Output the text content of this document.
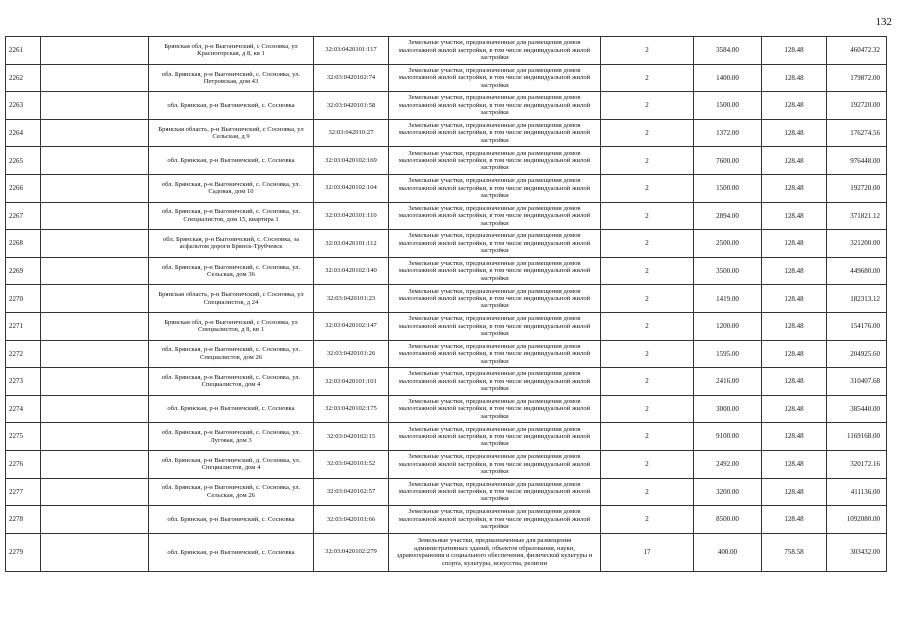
132
2261		Брянская обл, р-н Выгоничский, с Сосновка, ул Красногорская, д 8, кв 1	32:03:0420101:117	Земельные участки, предназначенные для размещения домов малоэтажной жилой застройки, в том числе индивидуальной жилой застройки	2	3584.00	128.48	460472.32
2262		обл. Брянская, р-н Выгоничский, с. Сосновка, ул. Петровская, дом 43	32:03:0420102:74	Земельные участки, предназначенные для размещения домов малоэтажной жилой застройки, в том числе индивидуальной жилой застройки	2	1400.00	128.48	179872.00
2263		обл. Брянская, р-н Выгоничский, с. Сосновка	32:03:0420101:58	Земельные участки, предназначенные для размещения домов малоэтажной жилой застройки, в том числе индивидуальной жилой застройки	2	1500.00	128.48	192720.00
2264		Брянская область, р-н Выгоничский, с Сосновка, ул Сельская, д 9	32:03:042010:27	Земельные участки, предназначенные для размещения домов малоэтажной жилой застройки, в том числе индивидуальной жилой застройки	2	1372.00	128.48	176274.56
2265		обл. Брянская, р-н Выгоничский, с. Сосновка	32:03:0420102:169	Земельные участки, предназначенные для размещения домов малоэтажной жилой застройки, в том числе индивидуальной жилой застройки	2	7600.00	128.48	976448.00
2266		обл. Брянская, р-н Выгоничский, с. Сосновка, ул. Садовая, дом 10	32:03:0420102:104	Земельные участки, предназначенные для размещения домов малоэтажной жилой застройки, в том числе индивидуальной жилой застройки	2	1500.00	128.48	192720.00
2267		обл. Брянская, р-н Выгоничский, с. Сосновка, ул. Специалистов, дом 15, квартира 1	32:03:0420101:110	Земельные участки, предназначенные для размещения домов малоэтажной жилой застройки, в том числе индивидуальной жилой застройки	2	2894.00	128.48	371821.12
2268		обл. Брянская, р-н Выгоничский, с. Сосновка, за асфальтом дороги Брянск-Трубчевск	32:03:0420101:112	Земельные участки, предназначенные для размещения домов малоэтажной жилой застройки, в том числе индивидуальной жилой застройки	2	2500.00	128.48	321200.00
2269		обл. Брянская, р-н Выгоничский, с. Сосновка, ул. Сельская, дом 36	32:03:0420102:140	Земельные участки, предназначенные для размещения домов малоэтажной жилой застройки, в том числе индивидуальной жилой застройки	2	3500.00	128.48	449680.00
2270		Брянская область, р-н Выгоничский, с Сосновка, ул Специалистов, д 24	32:03:0420101:23	Земельные участки, предназначенные для размещения домов малоэтажной жилой застройки, в том числе индивидуальной жилой застройки	2	1419.00	128.48	182313.12
2271		Брянская обл, р-н Выгоничский, с Сосновка, ул Специалистов, д 8, кв 1	32:03:0420102:147	Земельные участки, предназначенные для размещения домов малоэтажной жилой застройки, в том числе индивидуальной жилой застройки	2	1200.00	128.48	154176.00
2272		обл. Брянская, р-н Выгоничский, с. Сосновка, ул. Специалистов, дом 26	32:03:0420101:26	Земельные участки, предназначенные для размещения домов малоэтажной жилой застройки, в том числе индивидуальной жилой застройки	2	1595.00	128.48	204925.60
2273		обл. Брянская, р-н Выгоничский, с. Сосновка, ул. Специалистов, дом 4	32:03:0420101:101	Земельные участки, предназначенные для размещения домов малоэтажной жилой застройки, в том числе индивидуальной жилой застройки	2	2416.00	128.48	310407.68
2274		обл. Брянская, р-н Выгоничский, с. Сосновка	32:03:0420102:175	Земельные участки, предназначенные для размещения домов малоэтажной жилой застройки, в том числе индивидуальной жилой застройки	2	3000.00	128.48	385440.00
2275		обл. Брянская, р-н Выгоничский, с. Сосновка, ул. Луговая, дом 3	32:03:0420102:15	Земельные участки, предназначенные для размещения домов малоэтажной жилой застройки, в том числе индивидуальной жилой застройки	2	9100.00	128.48	1169168.00
2276		обл. Брянская, р-н Выгоничский, д. Сосновка, ул. Специалистов, дом 4	32:03:0420101:52	Земельные участки, предназначенные для размещения домов малоэтажной жилой застройки, в том числе индивидуальной жилой застройки	2	2492.00	128.48	320172.16
2277		обл. Брянская, р-н Выгоничский, с. Сосновка, ул. Сельская, дом 26	32:03:0420102:57	Земельные участки, предназначенные для размещения домов малоэтажной жилой застройки, в том числе индивидуальной жилой застройки	2	3200.00	128.48	411136.00
2278		обл. Брянская, р-н Выгоничский, с. Сосновка	32:03:0420101:66	Земельные участки, предназначенные для размещения домов малоэтажной жилой застройки, в том числе индивидуальной жилой застройки	2	8500.00	128.48	1092080.00
2279		обл. Брянская, р-н Выгоничский, с. Сосновка	32:03:0420102:279	Земельные участки, предназначенные для размещения административных зданий, объектов образования, науки, здравоохранения и социального обеспечения, физической культуры и спорта, культуры, искусства, религии	17	400.00	758.58	303432.00
